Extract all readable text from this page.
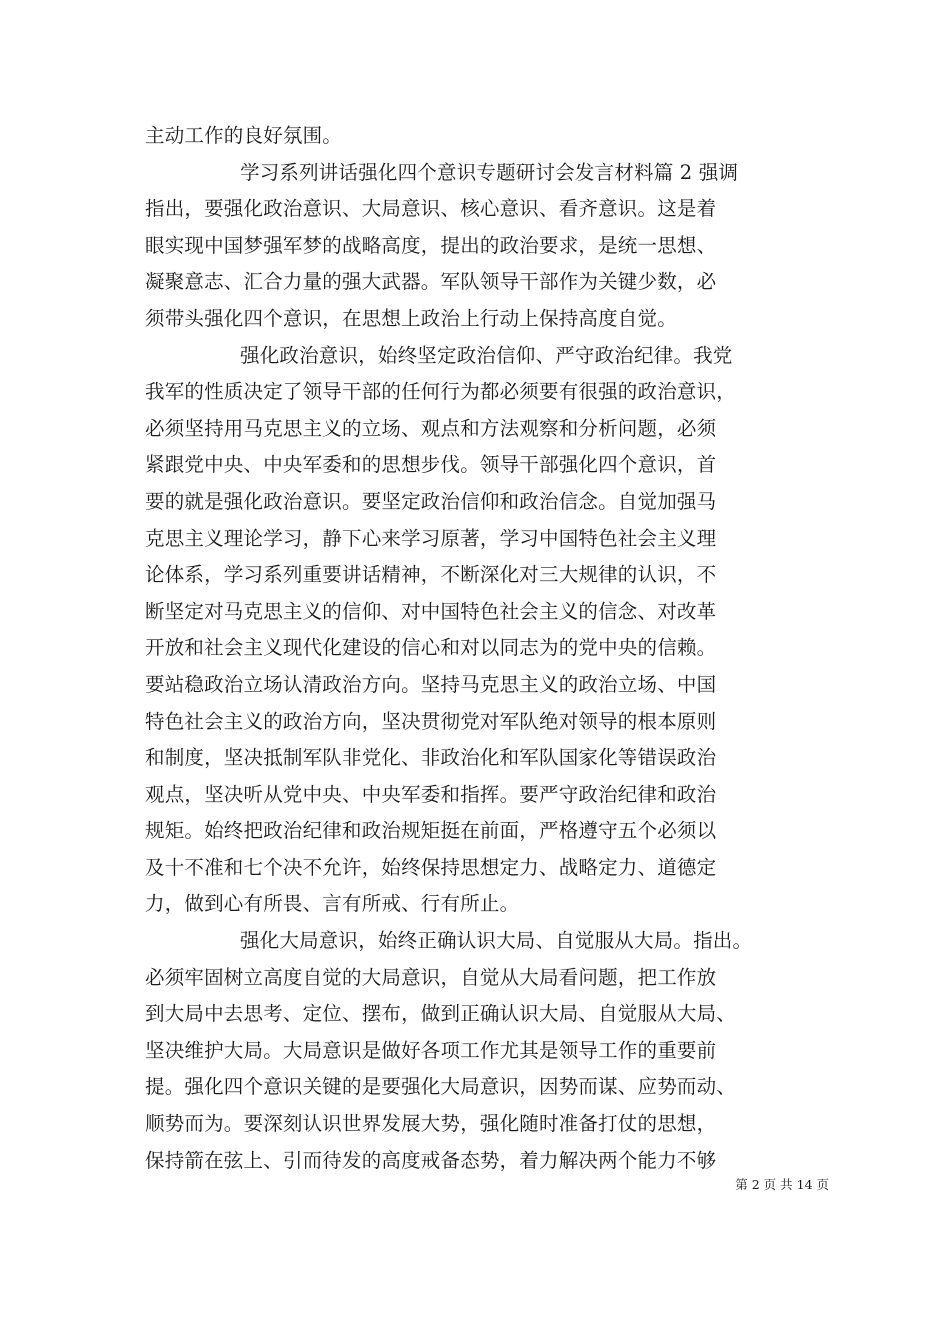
主动工作的良好氛围。
学习系列讲话强化四个意识专题研讨会发言材料篇 2 强调
指出，要强化政治意识、大局意识、核心意识、看齐意识。这是着
眼实现中国梦强军梦的战略高度，提出的政治要求，是统一思想、
凝聚意志、汇合力量的强大武器。军队领导干部作为关键少数，必
须带头强化四个意识，在思想上政治上行动上保持高度自觉。
强化政治意识，始终坚定政治信仰、严守政治纪律。我党
我军的性质决定了领导干部的任何行为都必须要有很强的政治意识，
必须坚持用马克思主义的立场、观点和方法观察和分析问题，必须
紧跟党中央、中央军委和的思想步伐。领导干部强化四个意识，首
要的就是强化政治意识。要坚定政治信仰和政治信念。自觉加强马
克思主义理论学习，静下心来学习原著，学习中国特色社会主义理
论体系，学习系列重要讲话精神，不断深化对三大规律的认识，不
断坚定对马克思主义的信仰、对中国特色社会主义的信念、对改革
开放和社会主义现代化建设的信心和对以同志为的党中央的信赖。
要站稳政治立场认清政治方向。坚持马克思主义的政治立场、中国
特色社会主义的政治方向，坚决贯彻党对军队绝对领导的根本原则
和制度，坚决抵制军队非党化、非政治化和军队国家化等错误政治
观点，坚决听从党中央、中央军委和指挥。要严守政治纪律和政治
规矩。始终把政治纪律和政治规矩挺在前面，严格遵守五个必须以
及十不准和七个决不允许，始终保持思想定力、战略定力、道德定
力，做到心有所畏、言有所戒、行有所止。
强化大局意识，始终正确认识大局、自觉服从大局。指出。
必须牢固树立高度自觉的大局意识，自觉从大局看问题，把工作放
到大局中去思考、定位、摆布，做到正确认识大局、自觉服从大局、
坚决维护大局。大局意识是做好各项工作尤其是领导工作的重要前
提。强化四个意识关键的是要强化大局意识，因势而谋、应势而动、
顺势而为。要深刻认识世界发展大势，强化随时准备打仗的思想，
保持箭在弦上、引而待发的高度戒备态势，着力解决两个能力不够
第 2 页 共 14 页
